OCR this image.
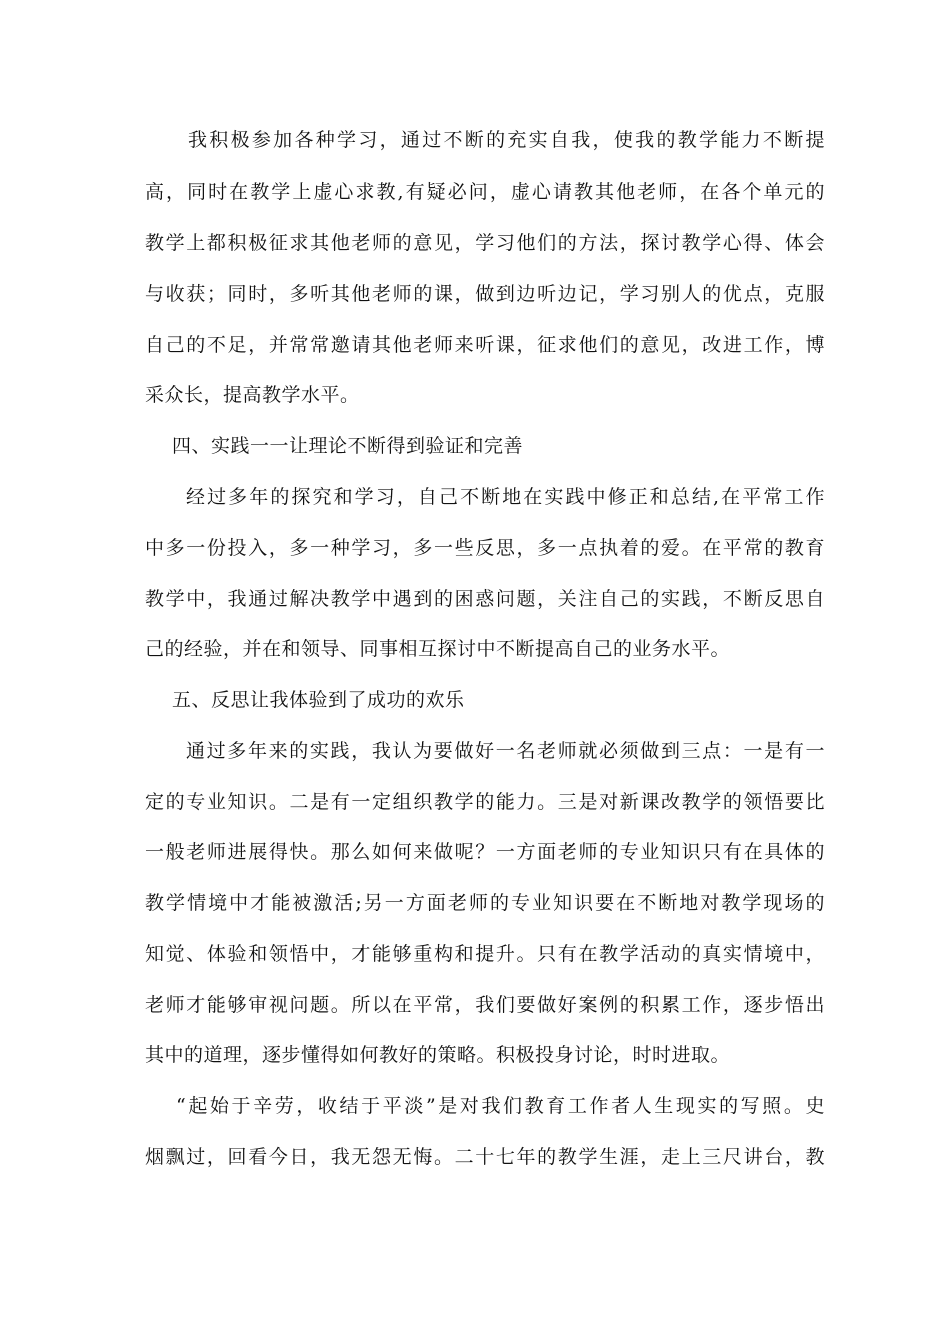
我积极参加各种学习，通过不断的充实自我，使我的教学能力不断提
高，同时在教学上虚心求教,有疑必问，虚心请教其他老师，在各个单元的
教学上都积极征求其他老师的意见，学习他们的方法，探讨教学心得、体会
与收获；同时，多听其他老师的课，做到边听边记，学习别人的优点，克服
自己的不足，并常常邀请其他老师来听课，征求他们的意见，改进工作，博
采众长，提高教学水平。
四、实践一一让理论不断得到验证和完善
经过多年的探究和学习，自己不断地在实践中修正和总结,在平常工作
中多一份投入，多一种学习，多一些反思，多一点执着的爱。在平常的教育
教学中，我通过解决教学中遇到的困惑问题，关注自己的实践，不断反思自
己的经验，并在和领导、同事相互探讨中不断提高自己的业务水平。
五、反思让我体验到了成功的欢乐
通过多年来的实践，我认为要做好一名老师就必须做到三点：一是有一
定的专业知识。二是有一定组织教学的能力。三是对新课改教学的领悟要比
一般老师进展得快。那么如何来做呢？一方面老师的专业知识只有在具体的
教学情境中才能被激活;另一方面老师的专业知识要在不断地对教学现场的
知觉、体验和领悟中，才能够重构和提升。只有在教学活动的真实情境中，
老师才能够审视问题。所以在平常，我们要做好案例的积累工作，逐步悟出
其中的道理，逐步懂得如何教好的策略。积极投身讨论，时时进取。
“起始于辛劳，收结于平淡”是对我们教育工作者人生现实的写照。史
烟飘过，回看今日，我无怨无悔。二十七年的教学生涯，走上三尺讲台，教
